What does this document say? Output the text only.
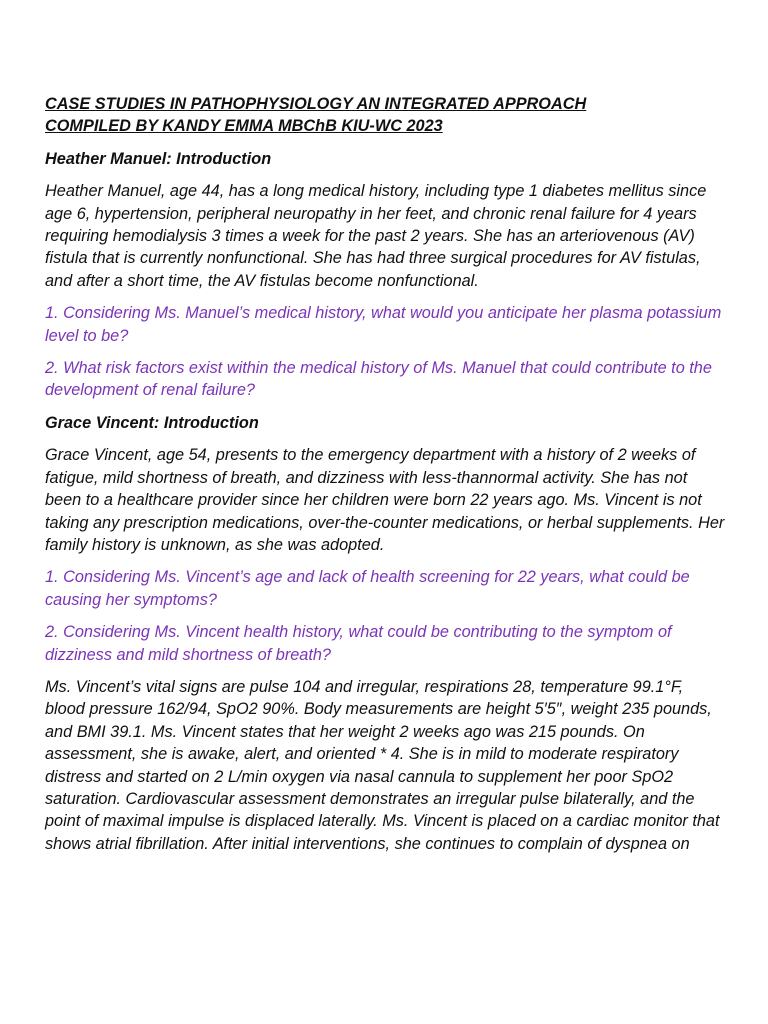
CASE STUDIES IN PATHOPHYSIOLOGY AN INTEGRATED APPROACH
COMPILED BY KANDY EMMA MBChB KIU-WC 2023

Heather Manuel: Introduction

Heather Manuel, age 44, has a long medical history, including type 1 diabetes mellitus since age 6, hypertension, peripheral neuropathy in her feet, and chronic renal failure for 4 years requiring hemodialysis 3 times a week for the past 2 years. She has an arteriovenous (AV) fistula that is currently nonfunctional. She has had three surgical procedures for AV fistulas, and after a short time, the AV fistulas become nonfunctional.

1. Considering Ms. Manuel’s medical history, what would you anticipate her plasma potassium level to be?

2. What risk factors exist within the medical history of Ms. Manuel that could contribute to the development of renal failure?

Grace Vincent: Introduction

Grace Vincent, age 54, presents to the emergency department with a history of 2 weeks of fatigue, mild shortness of breath, and dizziness with less-thannormal activity. She has not been to a healthcare provider since her children were born 22 years ago. Ms. Vincent is not taking any prescription medications, over-the-counter medications, or herbal supplements. Her family history is unknown, as she was adopted.

1. Considering Ms. Vincent’s age and lack of health screening for 22 years, what could be causing her symptoms?

2. Considering Ms. Vincent health history, what could be contributing to the symptom of dizziness and mild shortness of breath?

Ms. Vincent’s vital signs are pulse 104 and irregular, respirations 28, temperature 99.1°F, blood pressure 162/94, SpO2 90%. Body measurements are height 5′5″, weight 235 pounds, and BMI 39.1. Ms. Vincent states that her weight 2 weeks ago was 215 pounds. On assessment, she is awake, alert, and oriented * 4. She is in mild to moderate respiratory distress and started on 2 L/min oxygen via nasal cannula to supplement her poor SpO2 saturation. Cardiovascular assessment demonstrates an irregular pulse bilaterally, and the point of maximal impulse is displaced laterally. Ms. Vincent is placed on a cardiac monitor that shows atrial fibrillation. After initial interventions, she continues to complain of dyspnea on
